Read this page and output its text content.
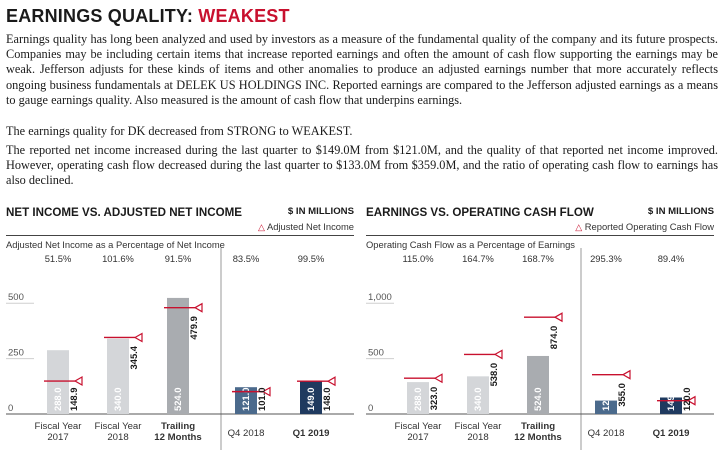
EARNINGS QUALITY: WEAKEST

Earnings quality has long been analyzed and used by investors as a measure of the fundamental quality of the company and its future prospects. Companies may be including certain items that increase reported earnings and often the amount of cash flow supporting the earnings may be weak. Jefferson adjusts for these kinds of items and other anomalies to produce an adjusted earnings number that more accurately reflects ongoing business fundamentals at DELEK US HOLDINGS INC. Reported earnings are compared to the Jefferson adjusted earnings as a means to gauge earnings quality. Also measured is the amount of cash flow that underpins earnings.

The earnings quality for DK decreased from STRONG to WEAKEST.

The reported net income increased during the last quarter to $149.0M from $121.0M, and the quality of that reported net income improved. However, operating cash flow decreased during the last quarter to $133.0M from $359.0M, and the ratio of operating cash flow to earnings has also declined.

NET INCOME VS. ADJUSTED NET INCOME	$ IN MILLIONS
△ Adjusted Net Income
Adjusted Net Income as a Percentage of Net Income
0
250
500
51.5%
288.0 148.9
Fiscal Year
2017
101.6%
340.0
345.4
Fiscal Year
2018
91.5%
524.0
479.9
Trailing
12 Months
83.5%
121.0 101.0
Q4 2018
99.5%
149.0 148.0
Q1 2019
EARNINGS VS. OPERATING CASH FLOW	$ IN MILLIONS
△ Reported Operating Cash Flow
Operating Cash Flow as a Percentage of Earnings
0
500
1,000
115.0%
288.0 323.0
Fiscal Year
2017
164.7%
340.0
538.0
Fiscal Year
2018
168.7%
524.0
874.0
Trailing
12 Months
295.3%
121.0 355.0
Q4 2018
89.4%
149.0 120.0
Q1 2019
